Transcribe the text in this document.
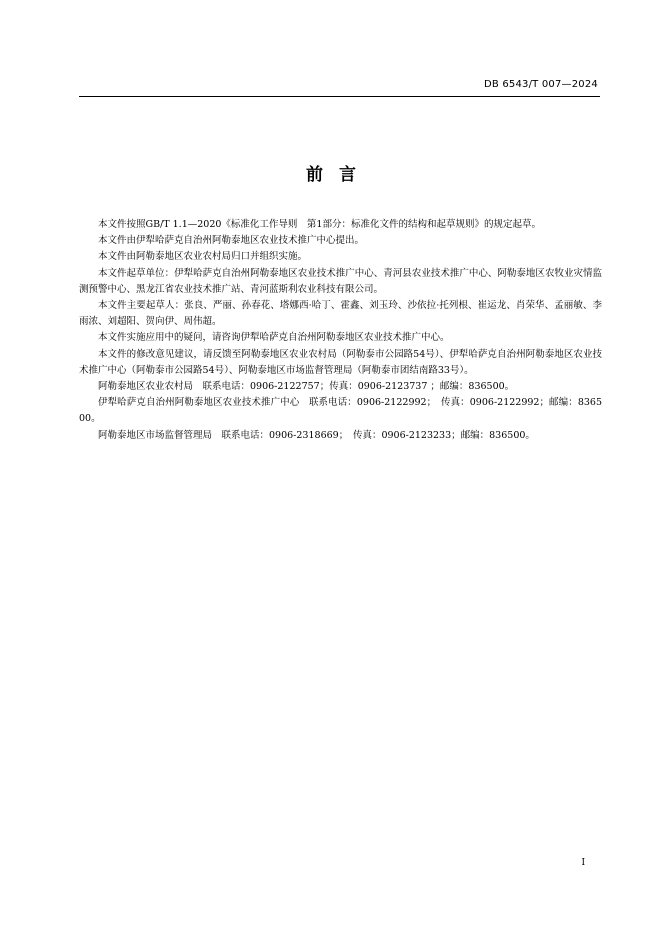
DB 6543/T 007—2024
前言

本文件按照GB/T 1.1—2020《标准化工作导则　第1部分：标准化文件的结构和起草规则》的规定起草。

本文件由伊犁哈萨克自治州阿勒泰地区农业技术推广中心提出。

本文件由阿勒泰地区农业农村局归口并组织实施。

本文件起草单位：伊犁哈萨克自治州阿勒泰地区农业技术推广中心、青河县农业技术推广中心、阿勒泰地区农牧业灾情监测预警中心、黑龙江省农业技术推广站、青河蓝斯利农业科技有限公司。

本文件主要起草人：张良、严丽、孙春花、塔娜西·哈丁、霍鑫、刘玉玲、沙依拉·托列根、崔运龙、肖荣华、孟丽敏、李雨浓、刘超阳、贺向伊、周伟超。

本文件实施应用中的疑问，请咨询伊犁哈萨克自治州阿勒泰地区农业技术推广中心。

本文件的修改意见建议，请反馈至阿勒泰地区农业农村局（阿勒泰市公园路54号）、伊犁哈萨克自治州阿勒泰地区农业技术推广中心（阿勒泰市公园路54号）、阿勒泰地区市场监督管理局（阿勒泰市团结南路33号）。

阿勒泰地区农业农村局　联系电话：0906-2122757；传真：0906-2123737 ；邮编：836500。

伊犁哈萨克自治州阿勒泰地区农业技术推广中心　联系电话：0906-2122992；　传真：0906-2122992；邮编：836500。

阿勒泰地区市场监督管理局　联系电话：0906-2318669；　传真：0906-2123233；邮编：836500。

I
